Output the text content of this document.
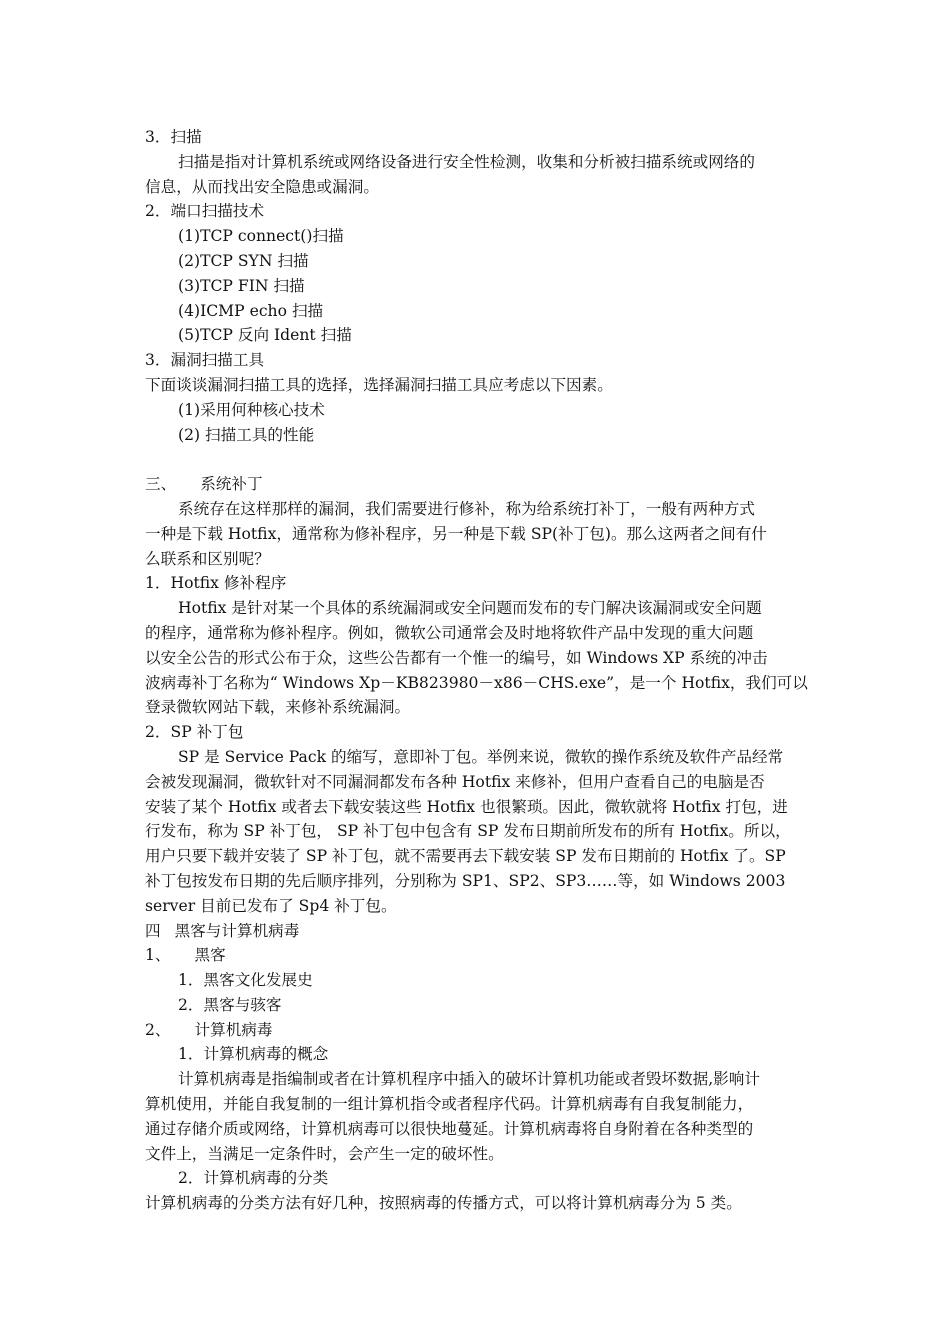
3．扫描
扫描是指对计算机系统或网络设备进行安全性检测，收集和分析被扫描系统或网络的
信息，从而找出安全隐患或漏洞。
2．端口扫描技术
(1)TCP connect()扫描
(2)TCP SYN 扫描
(3)TCP FIN 扫描
(4)ICMP echo 扫描
(5)TCP 反向 Ident 扫描
3．漏洞扫描工具
下面谈谈漏洞扫描工具的选择，选择漏洞扫描工具应考虑以下因素。
(1)采用何种核心技术
(2) 扫描工具的性能
三、 系统补丁
系统存在这样那样的漏洞，我们需要进行修补，称为给系统打补丁，一般有两种方式
一种是下载 Hotfix，通常称为修补程序，另一种是下载 SP(补丁包)。那么这两者之间有什
么联系和区别呢？
1．Hotfix 修补程序
Hotfix 是针对某一个具体的系统漏洞或安全问题而发布的专门解决该漏洞或安全问题
的程序，通常称为修补程序。例如，微软公司通常会及时地将软件产品中发现的重大问题
以安全公告的形式公布于众，这些公告都有一个惟一的编号，如 Windows XP 系统的冲击
波病毒补丁名称为“ Windows Xp－KB823980－x86－CHS.exe”，是一个 Hotfix，我们可以
登录微软网站下载，来修补系统漏洞。
2．SP 补丁包
SP 是 Service Pack 的缩写，意即补丁包。举例来说，微软的操作系统及软件产品经常
会被发现漏洞，微软针对不同漏洞都发布各种 Hotfix 来修补，但用户查看自己的电脑是否
安装了某个 Hotfix 或者去下载安装这些 Hotfix 也很繁琐。因此，微软就将 Hotfix 打包，进
行发布，称为 SP 补丁包， SP 补丁包中包含有 SP 发布日期前所发布的所有 Hotfix。所以，
用户只要下载并安装了 SP 补丁包，就不需要再去下载安装 SP 发布日期前的 Hotfix 了。SP
补丁包按发布日期的先后顺序排列，分别称为 SP1、SP2、SP3……等，如 Windows 2003
server 目前已发布了 Sp4 补丁包。
四 黑客与计算机病毒
1、 黑客
1．黑客文化发展史
2．黑客与骇客
2、 计算机病毒
1．计算机病毒的概念
计算机病毒是指编制或者在计算机程序中插入的破坏计算机功能或者毁坏数据,影响计
算机使用，并能自我复制的一组计算机指令或者程序代码。计算机病毒有自我复制能力，
通过存储介质或网络，计算机病毒可以很快地蔓延。计算机病毒将自身附着在各种类型的
文件上，当满足一定条件时，会产生一定的破坏性。
2．计算机病毒的分类
计算机病毒的分类方法有好几种，按照病毒的传播方式，可以将计算机病毒分为 5 类。
